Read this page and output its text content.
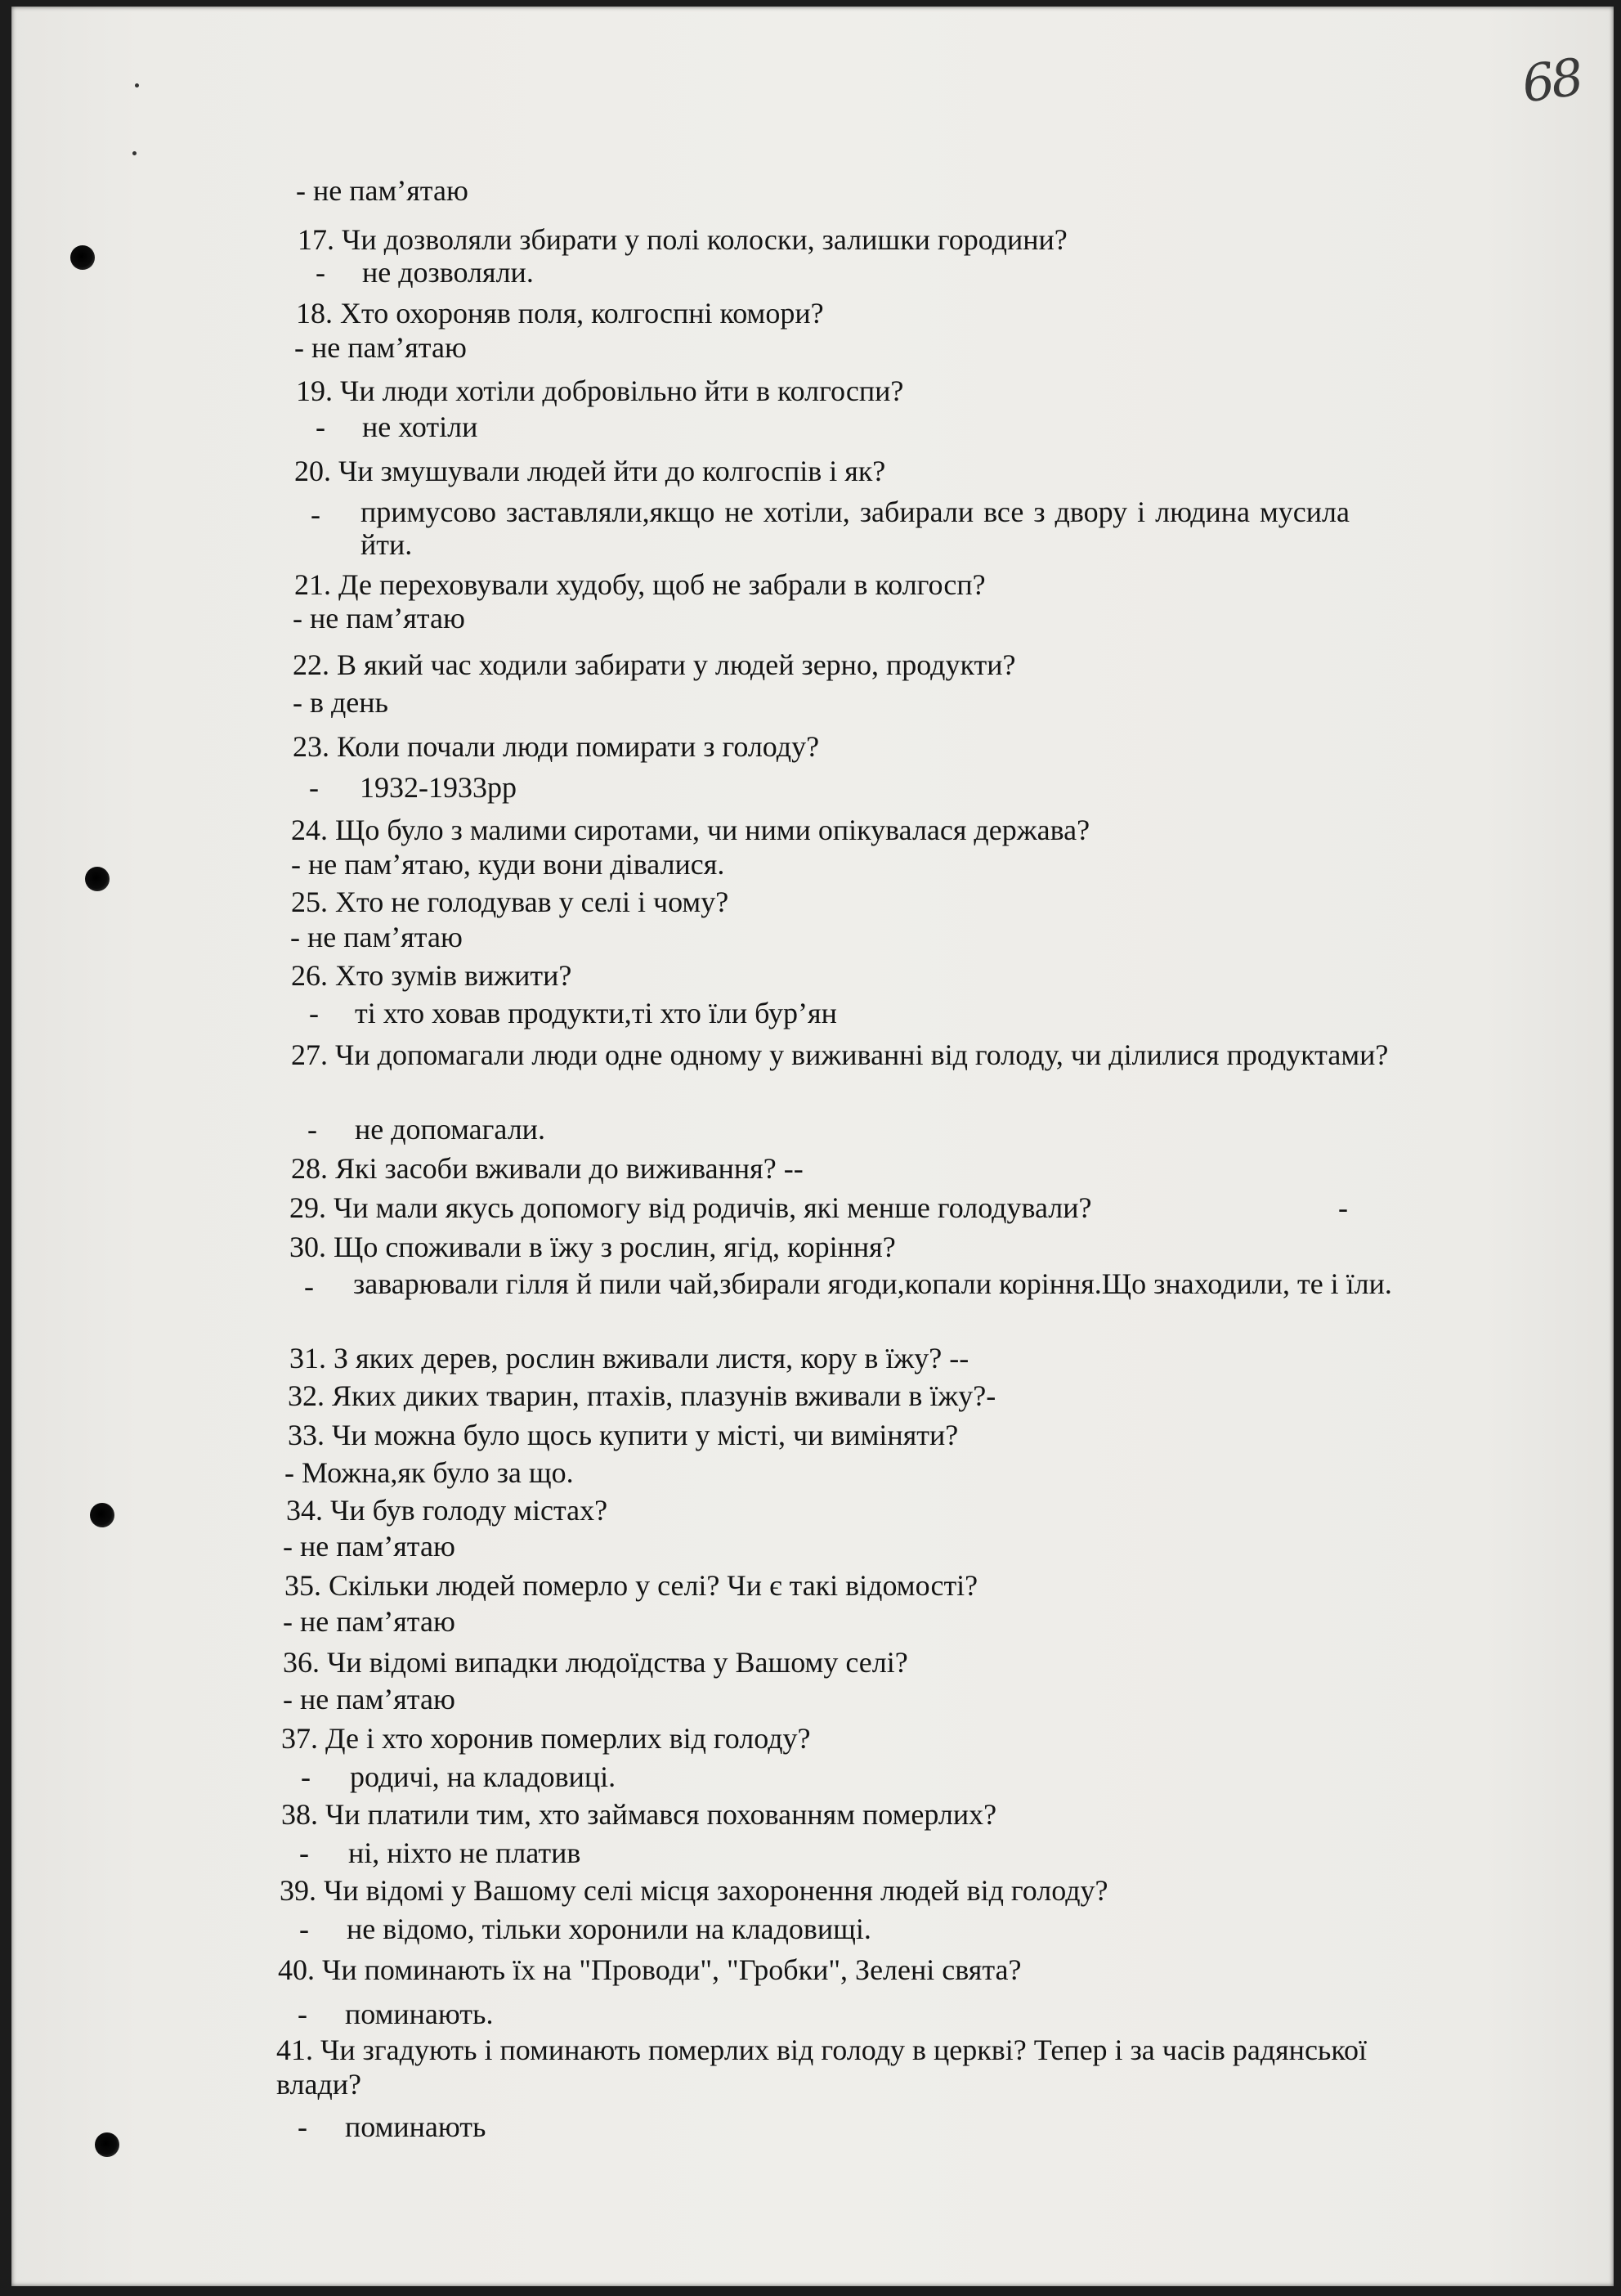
68
- не пам’ятаю
17. Чи дозволяли збирати у полі колоски, залишки городини?
- не дозволяли.
18. Хто охороняв поля, колгоспні комори?
- не пам’ятаю
19. Чи люди хотіли добровільно йти в колгоспи?
- не хотіли
20. Чи змушували людей йти до колгоспів і як?
- примусово заставляли,якщо не хотіли, забирали все з двору і людина мусила йти.
21. Де переховували худобу, щоб не забрали в колгосп?
- не пам’ятаю
22. В який час ходили забирати у людей зерно, продукти?
- в день
23. Коли почали люди помирати з голоду?
- 1932-1933рр
24. Що було з малими сиротами, чи ними опікувалася держава?
- не пам’ятаю, куди вони дівалися.
25. Хто не голодував у селі і чому?
- не пам’ятаю
26. Хто зумів вижити?
- ті хто ховав продукти,ті хто їли бур’ян
27. Чи допомагали люди одне одному у виживанні від голоду, чи ділилися продуктами?
- не допомагали.
28. Які засоби вживали до виживання? --
29. Чи мали якусь допомогу від родичів, які менше голодували?	-
30. Що споживали в їжу з рослин, ягід, коріння?
- заварювали гілля й пили чай,збирали ягоди,копали коріння.Що знаходили, те і їли.
31. З яких дерев, рослин вживали листя, кору в їжу? --
32. Яких диких тварин, птахів, плазунів вживали в їжу?-
33. Чи можна було щось купити у місті, чи виміняти?
- Можна,як було за що.
34. Чи був голоду містах?
- не пам’ятаю
35. Скільки людей померло у селі? Чи є такі відомості?
- не пам’ятаю
36. Чи відомі випадки людоїдства у Вашому селі?
- не пам’ятаю
37. Де і хто хоронив померлих від голоду?
- родичі, на кладовиці.
38. Чи платили тим, хто займався похованням померлих?
- ні, ніхто не платив
39. Чи відомі у Вашому селі місця захоронення людей від голоду?
- не відомо, тільки хоронили на кладовищі.
40. Чи поминають їх на "Проводи", "Гробки", Зелені свята?
- поминають.
41. Чи згадують і поминають померлих від голоду в церкві? Тепер і за часів радянської влади?
- поминають
